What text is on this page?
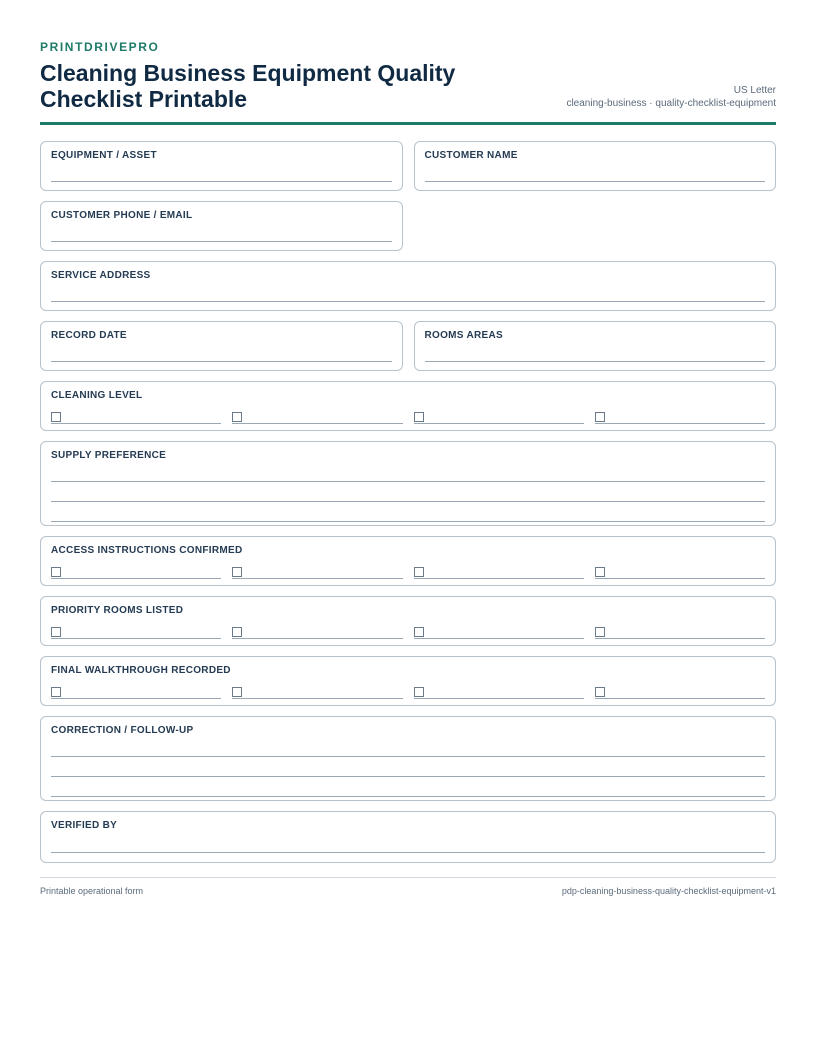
PRINTDRIVEPRO

Cleaning Business Equipment Quality Checklist Printable	US Letter
cleaning-business · quality-checklist-equipment

EQUIPMENT / ASSET	CUSTOMER NAME

CUSTOMER PHONE / EMAIL

SERVICE ADDRESS

RECORD DATE	ROOMS AREAS

CLEANING LEVEL

SUPPLY PREFERENCE

ACCESS INSTRUCTIONS CONFIRMED

PRIORITY ROOMS LISTED

FINAL WALKTHROUGH RECORDED

CORRECTION / FOLLOW-UP

VERIFIED BY

Printable operational form	pdp-cleaning-business-quality-checklist-equipment-v1
